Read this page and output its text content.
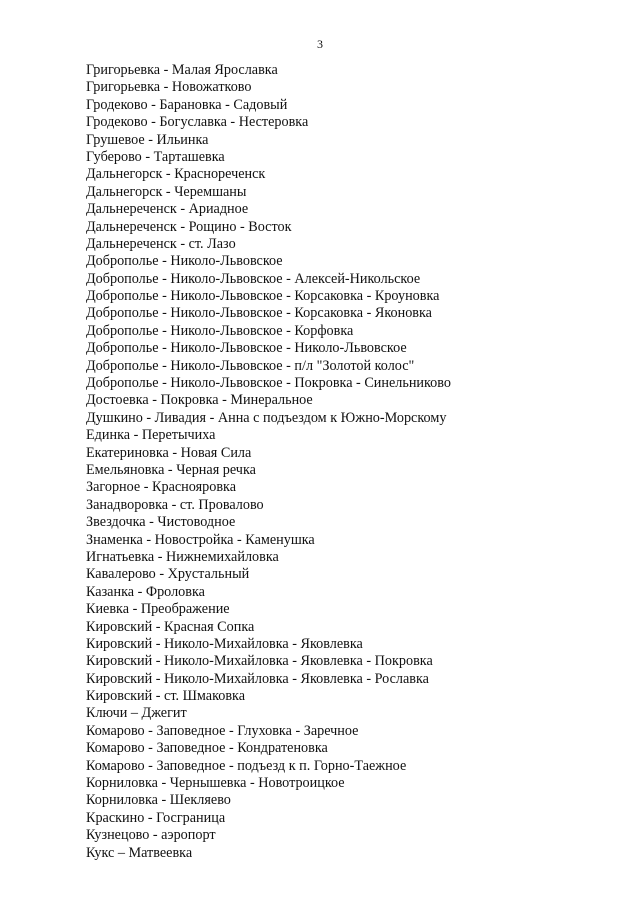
3
Григорьевка - Малая Ярославка
Григорьевка - Новожатково
Гродеково - Барановка - Садовый
Гродеково - Богуславка - Нестеровка
Грушевое - Ильинка
Губерово - Тарташевка
Дальнегорск - Краснореченск
Дальнегорск - Черемшаны
Дальнереченск - Ариадное
Дальнереченск - Рощино - Восток
Дальнереченск - ст. Лазо
Доброполье - Николо-Львовское
Доброполье - Николо-Львовское - Алексей-Никольское
Доброполье - Николо-Львовское - Корсаковка - Кроуновка
Доброполье - Николо-Львовское - Корсаковка - Яконовка
Доброполье - Николо-Львовское - Корфовка
Доброполье - Николо-Львовское - Николо-Львовское
Доброполье - Николо-Львовское - п/л "Золотой колос"
Доброполье - Николо-Львовское - Покровка - Синельниково
Достоевка - Покровка - Минеральное
Душкино - Ливадия - Анна с подъездом к Южно-Морскому
Единка - Перетычиха
Екатериновка - Новая Сила
Емельяновка - Черная речка
Загорное - Краснояровка
Занадворовка - ст. Провалово
Звездочка - Чистоводное
Знаменка - Новостройка - Каменушка
Игнатьевка - Нижнемихайловка
Кавалерово - Хрустальный
Казанка - Фроловка
Киевка - Преображение
Кировский - Красная Сопка
Кировский - Николо-Михайловка - Яковлевка
Кировский - Николо-Михайловка - Яковлевка - Покровка
Кировский - Николо-Михайловка - Яковлевка - Рославка
Кировский - ст. Шмаковка
Ключи – Джегит
Комарово - Заповедное - Глуховка - Заречное
Комарово - Заповедное - Кондратеновка
Комарово - Заповедное - подъезд к п. Горно-Таежное
Корниловка - Чернышевка - Новотроицкое
Корниловка - Шекляево
Краскино - Госграница
Кузнецово - аэропорт
Кукс – Матвеевка
